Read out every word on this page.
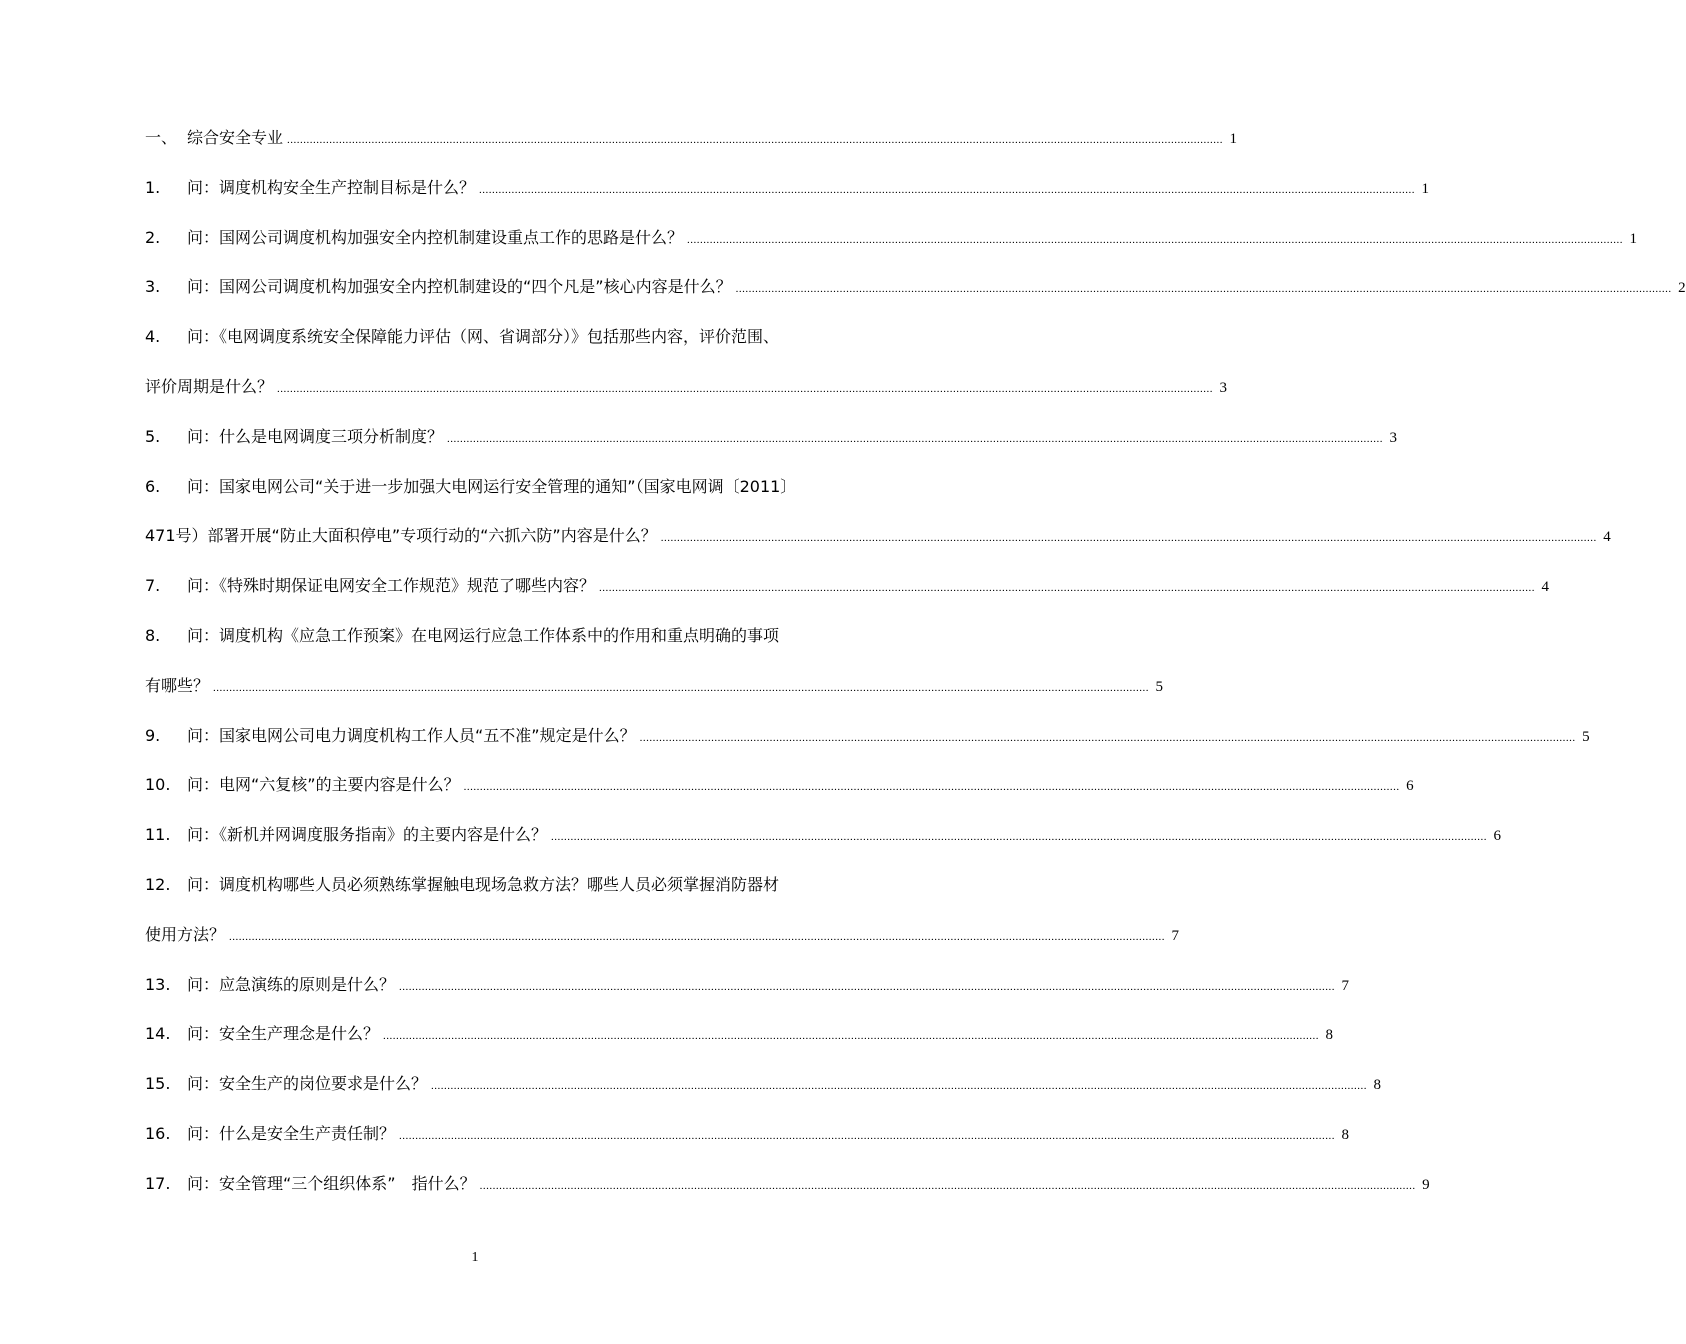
一、 综合安全专业 .....	1
1.	问：调度机构安全生产控制目标是什么？ .....	1
2.	问：国网公司调度机构加强安全内控机制建设重点工作的思路是什么？ .....	1
3.	问：国网公司调度机构加强安全内控机制建设的“四个凡是”核心内容是什么？ .....	2
4.	问：《电网调度系统安全保障能力评估（网、省调部分）》包括那些内容，评价范围、
评价周期是什么？ .....	3
5.	问：什么是电网调度三项分析制度？ .....	3
6.	问：国家电网公司“关于进一步加强大电网运行安全管理的通知”（国家电网调〔2011〕
471号）部署开展“防止大面积停电”专项行动的“六抓六防”内容是什么？ .....	4
7.	问：《特殊时期保证电网安全工作规范》规范了哪些内容？ .....	4
8.	问：调度机构《应急工作预案》在电网运行应急工作体系中的作用和重点明确的事项
有哪些？ .....	5
9.	问：国家电网公司电力调度机构工作人员“五不准”规定是什么？ .....	5
10.	问：电网“六复核”的主要内容是什么？ .....	6
11.	问：《新机并网调度服务指南》的主要内容是什么？ .....	6
12.	问：调度机构哪些人员必须熟练掌握触电现场急救方法？哪些人员必须掌握消防器材
使用方法？ .....	7
13.	问：应急演练的原则是什么？ .....	7
14.	问：安全生产理念是什么？ .....	8
15.	问：安全生产的岗位要求是什么？ .....	8
16.	问：什么是安全生产责任制？ .....	8
17.	问：安全管理“三个组织体系”　指什么？ .....	9
1
